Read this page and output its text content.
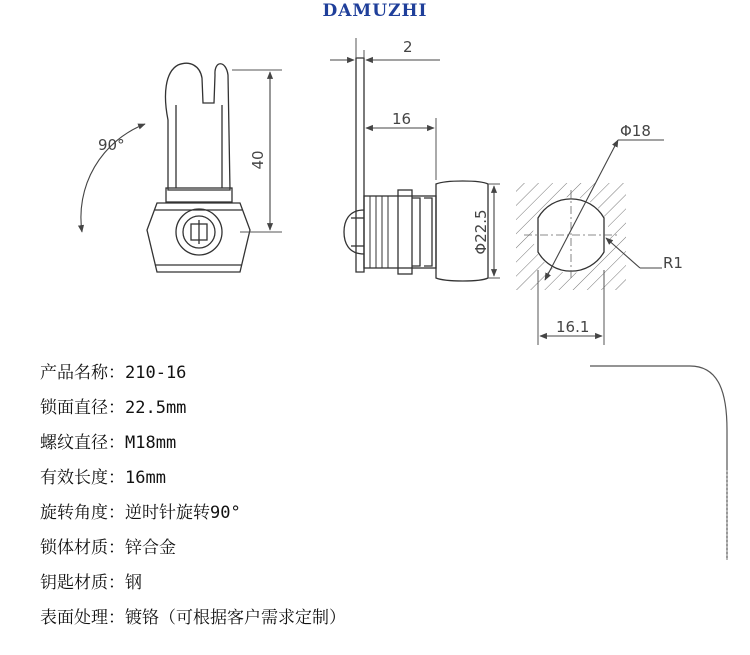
DAMUZHI
90°
40
2
16
Φ22.5
Φ18
R1
16.1
产品名称：210-16
锁面直径：22.5mm
螺纹直径：M18mm
有效长度：16mm
旋转角度：逆时针旋转90°
锁体材质：锌合金
钥匙材质：钢
表面处理：镀铬（可根据客户需求定制）
